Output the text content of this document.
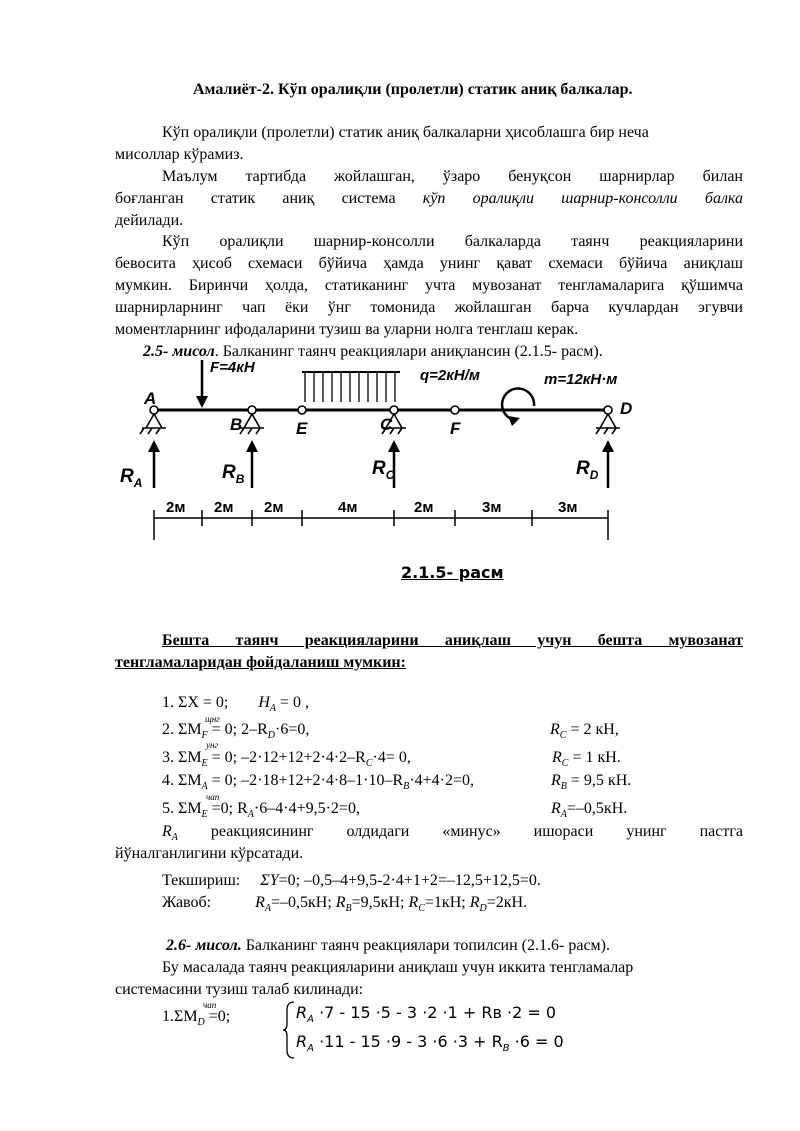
Амалиёт-2. Кўп оралиқли (пролетли) статик аниқ балкалар.
Кўп оралиқли (пролетли) статик аниқ балкаларни ҳисоблашга бир неча
мисоллар кўрамиз.
Маълум тартибда жойлашган, ўзаро бенуқсон шарнирлар билан
боғланган статик аниқ система кўп оралиқли шарнир-консолли балка
дейилади.
Кўп оралиқли шарнир-консолли балкаларда таянч реакцияларини
бевосита ҳисоб схемаси бўйича ҳамда унинг қават схемаси бўйича аниқлаш
мумкин. Биринчи ҳолда, статиканинг учта мувозанат тенгламаларига қўшимча
шарнирларнинг чап ёки ўнг томонида жойлашган барча кучлардан эгувчи
моментларнинг ифодаларини тузиш ва уларни нолга тенглаш керак.
2.5- мисол. Балканинг таянч реакциялари аниқлансин (2.1.5- расм).
F=4кН	q=2кН/м	m=12кН·м
A
B	E	C	F
D
$R_A$	$R_B$	$R_C$	$R_D$
2м 2м 2м	4м	2м	3м	3м
2.1.5- расм
Бешта таянч реакцияларини аниқлаш учун бешта мувозанат
тенгламаларидан фойдаланиш мумкин:
1. ΣX = 0; $H_A = 0$ ,
щнг
2. $\Sigma M_F = 0$; $2-R_D\cdot 6=0$,	$R_C = 2$ кН,
унг
3. $\Sigma M_E = 0$; $-2\cdot 12+12+2\cdot 4\cdot 2-R_C\cdot 4= 0$,	$R_C = 1$ кН.
4. $\Sigma M_A = 0$; $-2\cdot 18+12+2\cdot 4\cdot 8-1\cdot 10-R_B\cdot 4+4\cdot 2=0$,	$R_B = 9,5$ кН.
чап
5. $\Sigma M_E =0$; $R_A\cdot 6-4\cdot 4+9,5\cdot 2=0$,	$R_A=-0,5кН$.
$R_A$ реакциясининг олдидаги «минус» ишораси унинг пастга
йўналганлигини кўрсатади.
Текшириш: ΣY=0; –0,5–4+9,5-2·4+1+2=–12,5+12,5=0.
Жавоб:	$R_A=-0,5кН$; $R_B=9,5кН$; $R_C=1кН$; $R_D=2кН$.
2.6- мисол. Балканинг таянч реакциялари топилсин (2.1.6- расм).
Бу масалада таянч реакцияларини аниқлаш учун иккита тенгламалар
системасини тузиш талаб килинади:
чап
$1.\Sigma M_D =0$;	$R_A \cdot 7 - 15 \cdot 5 - 3 \cdot 2 \cdot 1$ + Rв ·2 = 0
$R_A \cdot 11 - 15 \cdot 9 - 3 \cdot 6 \cdot 3 + R_B \cdot 6 = 0$
